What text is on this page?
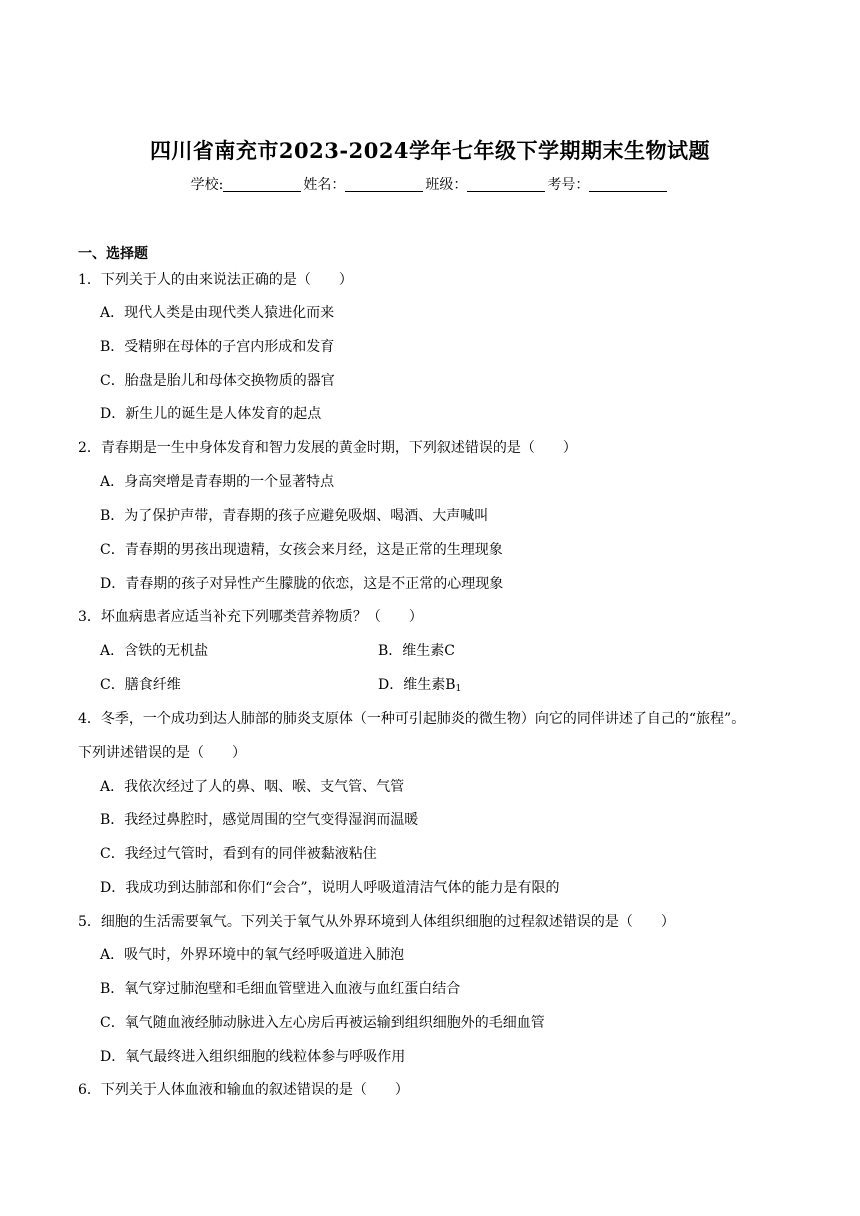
四川省南充市2023-2024学年七年级下学期期末生物试题
学校:	姓名：	班级：	考号：
一、选择题
1．下列关于人的由来说法正确的是（　　）
A．现代人类是由现代类人猿进化而来
B．受精卵在母体的子宫内形成和发育
C．胎盘是胎儿和母体交换物质的器官
D．新生儿的诞生是人体发育的起点
2．青春期是一生中身体发育和智力发展的黄金时期，下列叙述错误的是（　　）
A．身高突增是青春期的一个显著特点
B．为了保护声带，青春期的孩子应避免吸烟、喝酒、大声喊叫
C．青春期的男孩出现遗精，女孩会来月经，这是正常的生理现象
D．青春期的孩子对异性产生朦胧的依恋，这是不正常的心理现象
3．坏血病患者应适当补充下列哪类营养物质？（　　）
A．含铁的无机盐	B．维生素C
C．膳食纤维	D．维生素$B_1$
4．冬季，一个成功到达人肺部的肺炎支原体（一种可引起肺炎的微生物）向它的同伴讲述了自己的“旅程”。
下列讲述错误的是（　　）
A．我依次经过了人的鼻、咽、喉、支气管、气管
B．我经过鼻腔时，感觉周围的空气变得湿润而温暖
C．我经过气管时，看到有的同伴被黏液粘住
D．我成功到达肺部和你们“会合”，说明人呼吸道清洁气体的能力是有限的
5．细胞的生活需要氧气。下列关于氧气从外界环境到人体组织细胞的过程叙述错误的是（　　）
A．吸气时，外界环境中的氧气经呼吸道进入肺泡
B．氧气穿过肺泡壁和毛细血管壁进入血液与血红蛋白结合
C．氧气随血液经肺动脉进入左心房后再被运输到组织细胞外的毛细血管
D．氧气最终进入组织细胞的线粒体参与呼吸作用
6．下列关于人体血液和输血的叙述错误的是（　　）
